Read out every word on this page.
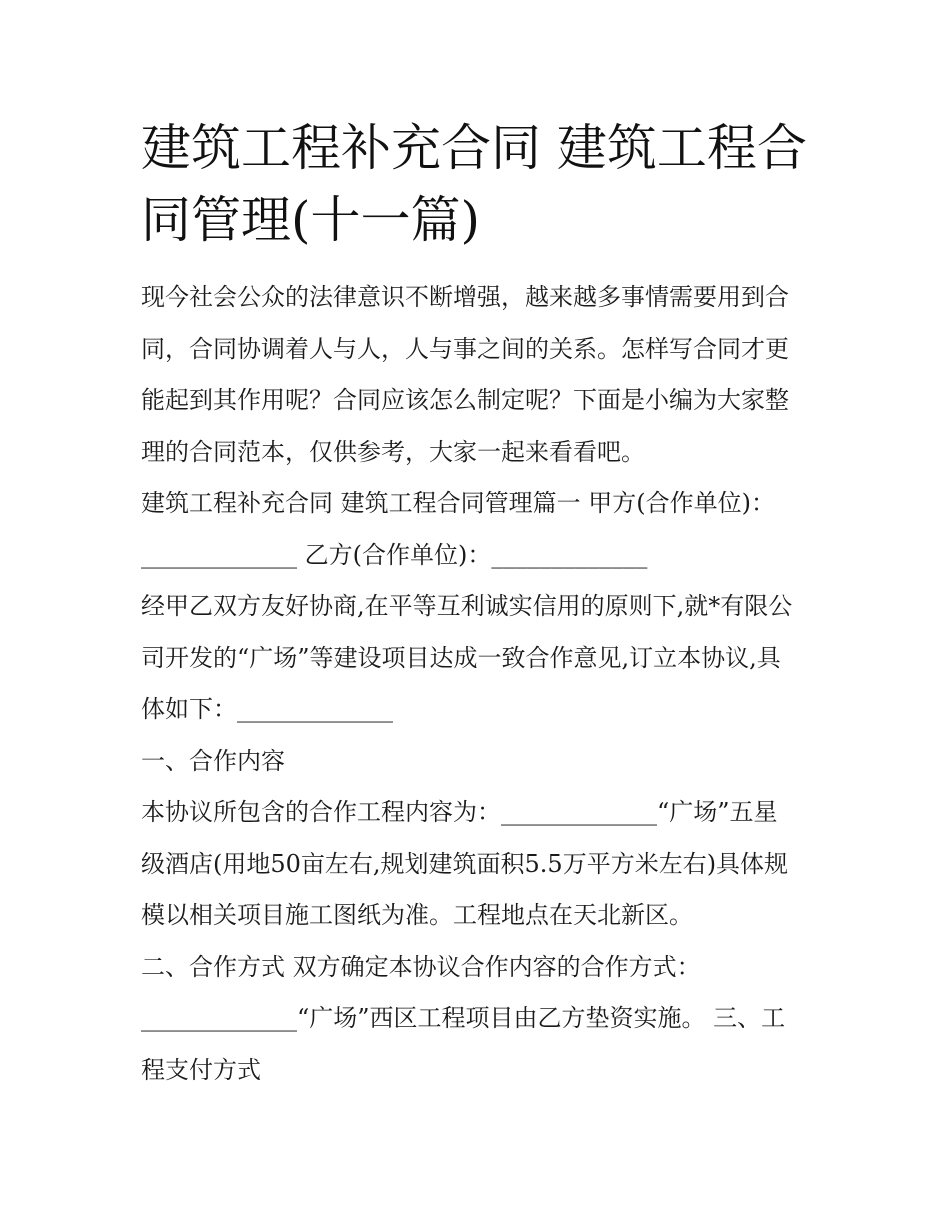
建筑工程补充合同 建筑工程合
同管理(十一篇)

现今社会公众的法律意识不断增强，越来越多事情需要用到合
同，合同协调着人与人，人与事之间的关系。怎样写合同才更
能起到其作用呢？合同应该怎么制定呢？下面是小编为大家整
理的合同范本，仅供参考，大家一起来看看吧。

建筑工程补充合同 建筑工程合同管理篇一 甲方(合作单位)：
_____________ 乙方(合作单位)：_____________

经甲乙双方友好协商,在平等互利诚实信用的原则下,就*有限公
司开发的“广场”等建设项目达成一致合作意见,订立本协议,具
体如下：_____________

一、合作内容

本协议所包含的合作工程内容为：_____________“广场”五星
级酒店(用地50亩左右,规划建筑面积5.5万平方米左右)具体规
模以相关项目施工图纸为准。工程地点在天北新区。

二、合作方式 双方确定本协议合作内容的合作方式：
_____________“广场”西区工程项目由乙方垫资实施。 三、工
程支付方式
